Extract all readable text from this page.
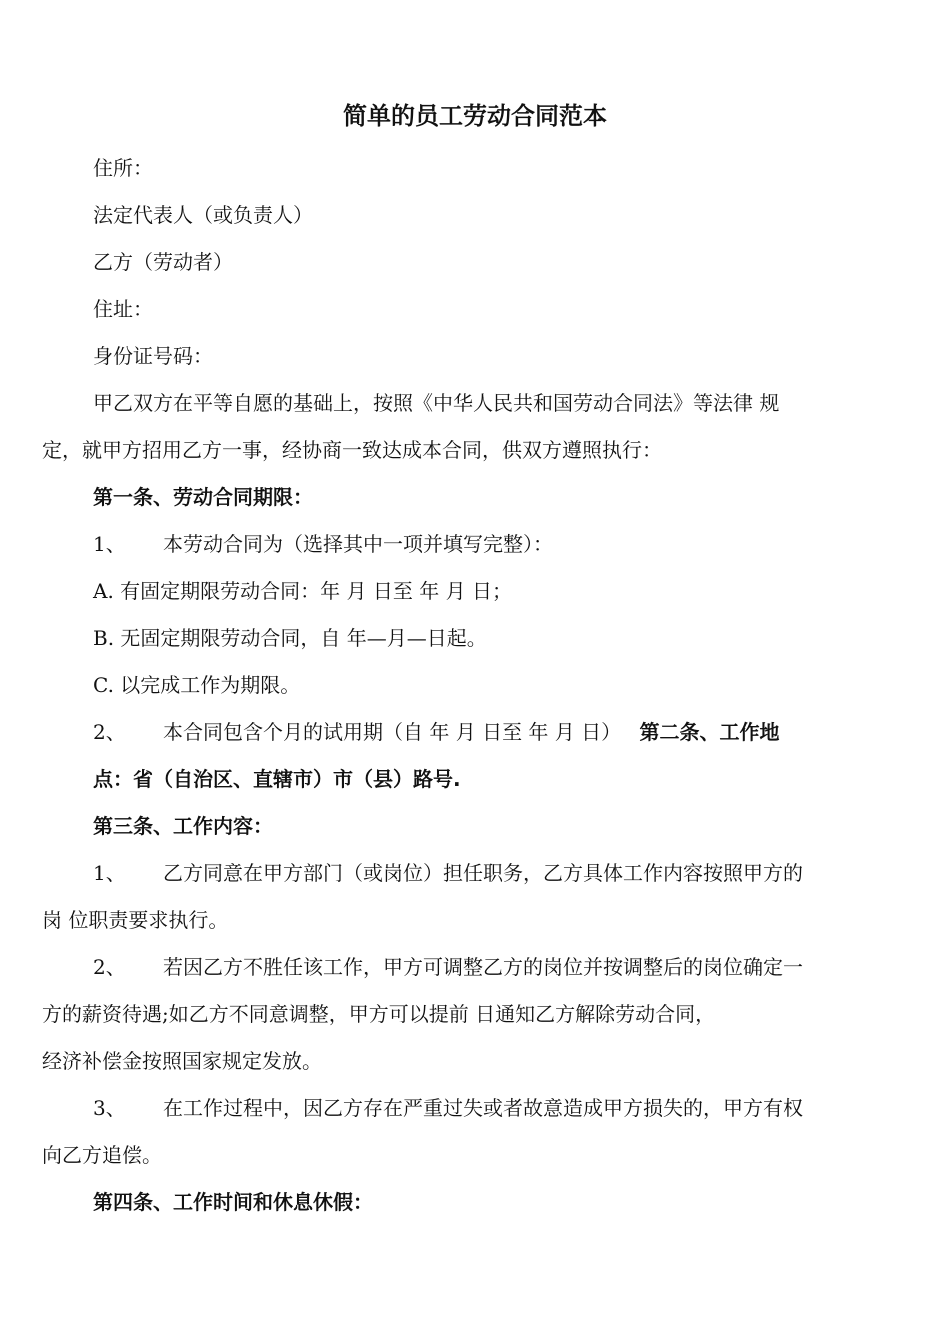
简单的员工劳动合同范本
住所：
法定代表人（或负责人）
乙方（劳动者）
住址：
身份证号码：
甲乙双方在平等自愿的基础上，按照《中华人民共和国劳动合同法》等法律 规
定，就甲方招用乙方一事，经协商一致达成本合同，供双方遵照执行：
第一条、劳动合同期限：
1、 本劳动合同为（选择其中一项并填写完整）：
A. 有固定期限劳动合同：年 月 日至 年 月 日；
B. 无固定期限劳动合同，自 年—月—日起。
C. 以完成工作为期限。
2、 本合同包含个月的试用期（自 年 月 日至 年 月 日） 第二条、工作地
点：省（自治区、直辖市）市（县）路号.
第三条、工作内容：
1、 乙方同意在甲方部门（或岗位）担任职务，乙方具体工作内容按照甲方的
岗 位职责要求执行。
2、 若因乙方不胜任该工作，甲方可调整乙方的岗位并按调整后的岗位确定一
方的薪资待遇;如乙方不同意调整，甲方可以提前 日通知乙方解除劳动合同，
经济补偿金按照国家规定发放。
3、 在工作过程中，因乙方存在严重过失或者故意造成甲方损失的，甲方有权
向乙方追偿。
第四条、工作时间和休息休假：
